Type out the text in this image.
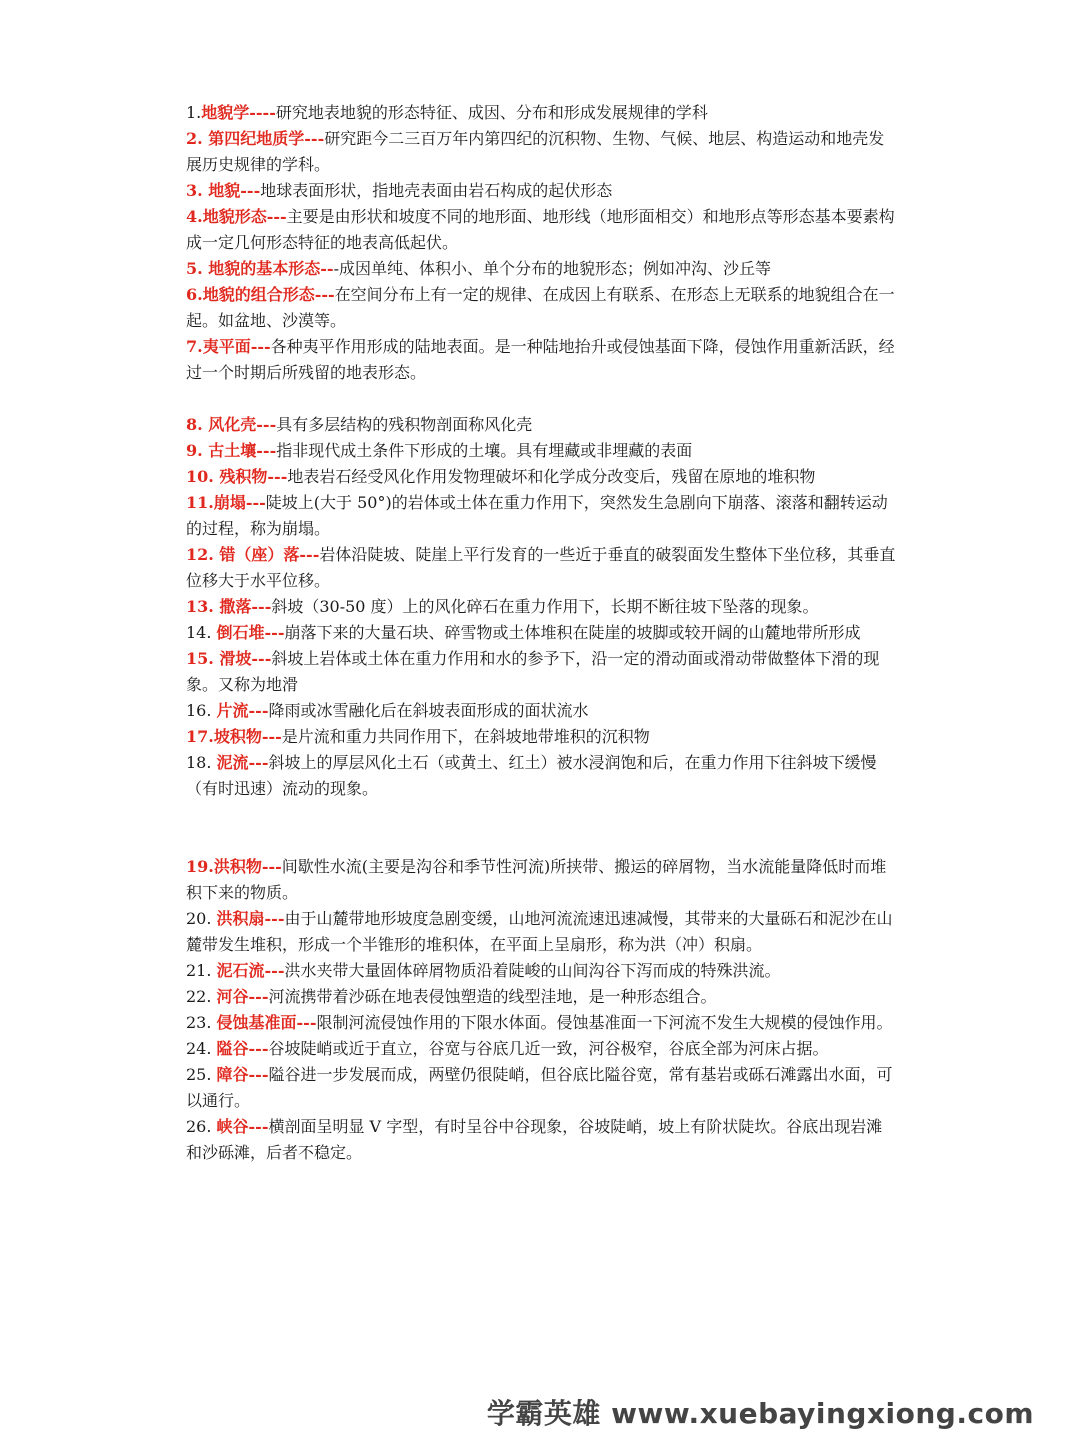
1.地貌学----研究地表地貌的形态特征、成因、分布和形成发展规律的学科

2. 第四纪地质学---研究距今二三百万年内第四纪的沉积物、生物、气候、地层、构造运动和地壳发展历史规律的学科。

3. 地貌---地球表面形状，指地壳表面由岩石构成的起伏形态

4.地貌形态---主要是由形状和坡度不同的地形面、地形线（地形面相交）和地形点等形态基本要素构成一定几何形态特征的地表高低起伏。

5. 地貌的基本形态---成因单纯、体积小、单个分布的地貌形态；例如冲沟、沙丘等

6.地貌的组合形态---在空间分布上有一定的规律、在成因上有联系、在形态上无联系的地貌组合在一起。如盆地、沙漠等。

7.夷平面---各种夷平作用形成的陆地表面。是一种陆地抬升或侵蚀基面下降，侵蚀作用重新活跃，经过一个时期后所残留的地表形态。

8. 风化壳---具有多层结构的残积物剖面称风化壳

9. 古土壤---指非现代成土条件下形成的土壤。具有埋藏或非埋藏的表面

10. 残积物---地表岩石经受风化作用发物理破坏和化学成分改变后，残留在原地的堆积物

11.崩塌---陡坡上(大于 50°)的岩体或土体在重力作用下，突然发生急剧向下崩落、滚落和翻转运动的过程，称为崩塌。

12. 错（座）落---岩体沿陡坡、陡崖上平行发育的一些近于垂直的破裂面发生整体下坐位移，其垂直位移大于水平位移。

13. 撒落---斜坡（30-50 度）上的风化碎石在重力作用下，长期不断往坡下坠落的现象。

14. 倒石堆---崩落下来的大量石块、碎雪物或土体堆积在陡崖的坡脚或较开阔的山麓地带所形成

15. 滑坡---斜坡上岩体或土体在重力作用和水的参予下，沿一定的滑动面或滑动带做整体下滑的现象。又称为地滑

16. 片流---降雨或冰雪融化后在斜坡表面形成的面状流水

17.坡积物---是片流和重力共同作用下，在斜坡地带堆积的沉积物

18. 泥流---斜坡上的厚层风化土石（或黄土、红土）被水浸润饱和后，在重力作用下往斜坡下缓慢（有时迅速）流动的现象。

19.洪积物---间歇性水流(主要是沟谷和季节性河流)所挟带、搬运的碎屑物，当水流能量降低时而堆积下来的物质。

20. 洪积扇---由于山麓带地形坡度急剧变缓，山地河流流速迅速减慢，其带来的大量砾石和泥沙在山麓带发生堆积，形成一个半锥形的堆积体，在平面上呈扇形，称为洪（冲）积扇。

21. 泥石流---洪水夹带大量固体碎屑物质沿着陡峻的山间沟谷下泻而成的特殊洪流。

22. 河谷---河流携带着沙砾在地表侵蚀塑造的线型洼地，是一种形态组合。

23. 侵蚀基准面---限制河流侵蚀作用的下限水体面。侵蚀基准面一下河流不发生大规模的侵蚀作用。

24. 隘谷---谷坡陡峭或近于直立，谷宽与谷底几近一致，河谷极窄，谷底全部为河床占据。

25. 障谷---隘谷进一步发展而成，两壁仍很陡峭，但谷底比隘谷宽，常有基岩或砾石滩露出水面，可以通行。

26. 峡谷---横剖面呈明显 V 字型，有时呈谷中谷现象，谷坡陡峭，坡上有阶状陡坎。谷底出现岩滩和沙砾滩，后者不稳定。

学霸英雄 www.xuebayingxiong.com
